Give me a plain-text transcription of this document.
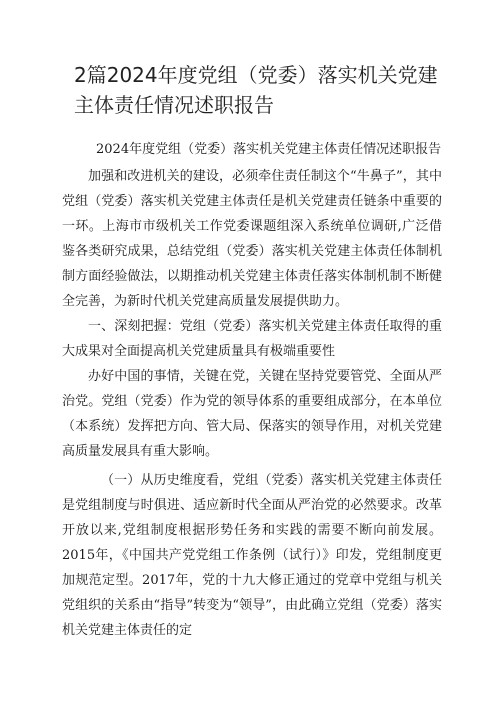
2篇2024年度党组（党委）落实机关党建主体责任情况述职报告
2024年度党组（党委）落实机关党建主体责任情况述职报告

加强和改进机关的建设，必须牵住责任制这个“牛鼻子”，其中党组（党委）落实机关党建主体责任是机关党建责任链条中重要的一环。上海市市级机关工作党委课题组深入系统单位调研,广泛借鉴各类研究成果，总结党组（党委）落实机关党建主体责任体制机制方面经验做法，以期推动机关党建主体责任落实体制机制不断健全完善，为新时代机关党建高质量发展提供助力。

一、深刻把握：党组（党委）落实机关党建主体责任取得的重大成果对全面提高机关党建质量具有极端重要性

办好中国的事情，关键在党，关键在坚持党要管党、全面从严治党。党组（党委）作为党的领导体系的重要组成部分，在本单位（本系统）发挥把方向、管大局、保落实的领导作用，对机关党建高质量发展具有重大影响。

（一）从历史维度看，党组（党委）落实机关党建主体责任是党组制度与时俱进、适应新时代全面从严治党的必然要求。改革开放以来,党组制度根据形势任务和实践的需要不断向前发展。2015年，《中国共产党党组工作条例（试行）》印发，党组制度更加规范定型。2017年，党的十九大修正通过的党章中党组与机关党组织的关系由“指导”转变为“领导”，由此确立党组（党委）落实机关党建主体责任的定
